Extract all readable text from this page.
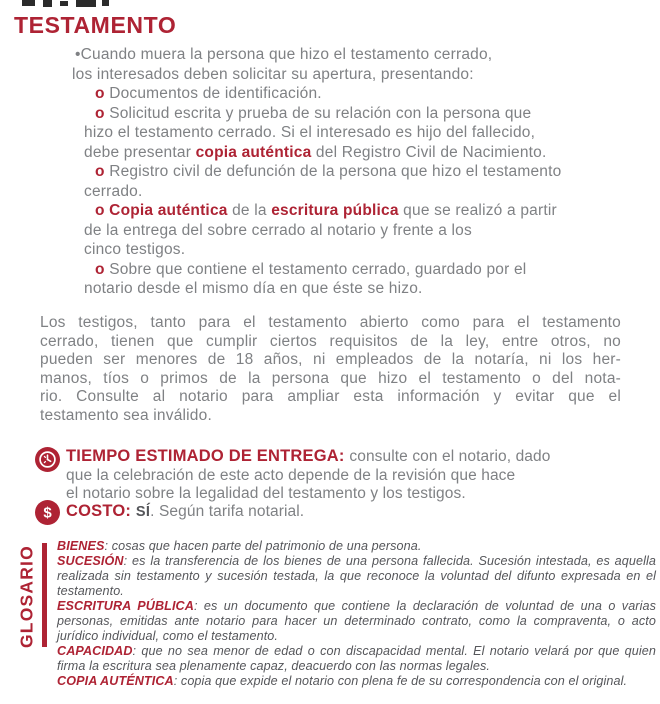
TESTAMENTO
•Cuando muera la persona que hizo el testamento cerrado,
los interesados deben solicitar su apertura, presentando:
o Documentos de identificación.
o Solicitud escrita y prueba de su relación con la persona que
hizo el testamento cerrado. Si el interesado es hijo del fallecido,
debe presentar copia auténtica del Registro Civil de Nacimiento.
o Registro civil de defunción de la persona que hizo el testamento
cerrado.
o Copia auténtica de la escritura pública que se realizó a partir
de la entrega del sobre cerrado al notario y frente a los
cinco testigos.
o Sobre que contiene el testamento cerrado, guardado por el
notario desde el mismo día en que éste se hizo.
Los testigos, tanto para el testamento abierto como para el testamento
cerrado, tienen que cumplir ciertos requisitos de la ley, entre otros, no
pueden ser menores de 18 años, ni empleados de la notaría, ni los her-
manos, tíos o primos de la persona que hizo el testamento o del nota-
rio. Consulte al notario para ampliar esta información y evitar que el
testamento sea inválido.
TIEMPO ESTIMADO DE ENTREGA: consulte con el notario, dado
que la celebración de este acto depende de la revisión que hace
el notario sobre la legalidad del testamento y los testigos.
$ COSTO: SÍ. Según tarifa notarial.
GLOSARIO BIENES: cosas que hacen parte del patrimonio de una persona.

SUCESIÓN: es la transferencia de los bienes de una persona fallecida. Sucesión intestada, es aquella realizada sin testamento y sucesión testada, la que reconoce la voluntad del difunto expresada en el testamento.

ESCRITURA PÚBLICA: es un documento que contiene la declaración de voluntad de una o varias personas, emitidas ante notario para hacer un determinado contrato, como la compraventa, o acto jurídico individual, como el testamento.

CAPACIDAD: que no sea menor de edad o con discapacidad mental. El notario velará por que quien firma la escritura sea plenamente capaz, deacuerdo con las normas legales.

COPIA AUTÉNTICA: copia que expide el notario con plena fe de su correspondencia con el original.
